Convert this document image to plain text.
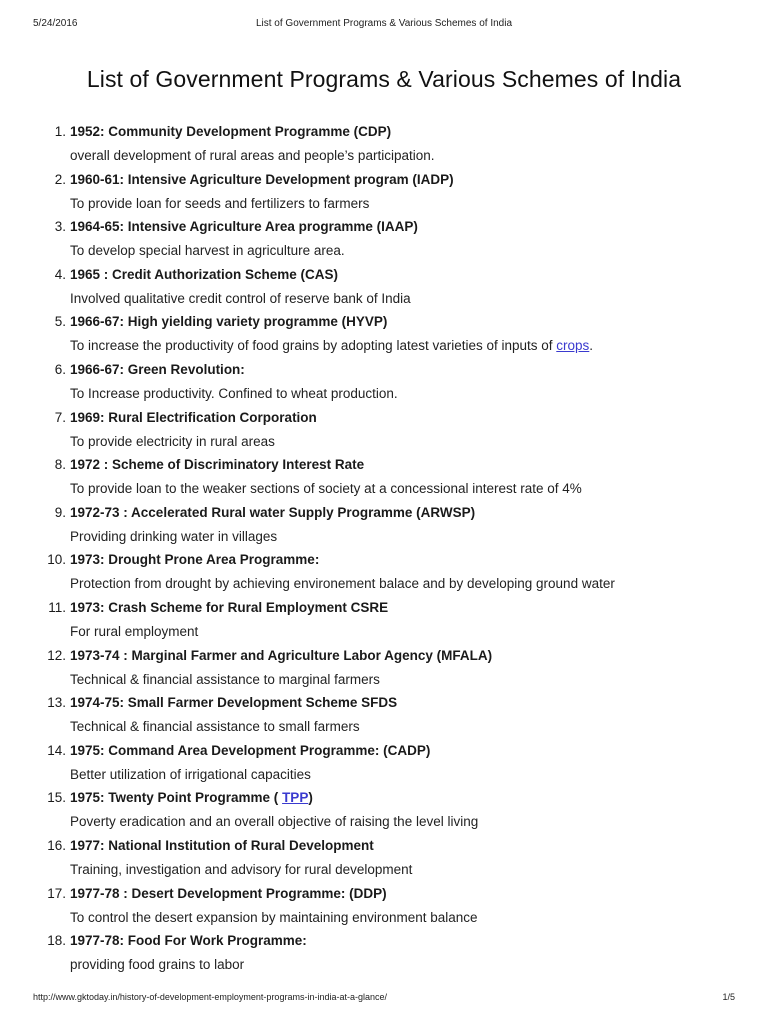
5/24/2016	List of Government Programs & Various Schemes of India
List of Government Programs & Various Schemes of India
1. 1952: Community Development Programme (CDP)
overall development of rural areas and people’s participation.
2. 1960-61: Intensive Agriculture Development program (IADP)
To provide loan for seeds and fertilizers to farmers
3. 1964-65: Intensive Agriculture Area programme (IAAP)
To develop special harvest in agriculture area.
4. 1965 : Credit Authorization Scheme (CAS)
Involved qualitative credit control of reserve bank of India
5. 1966-67: High yielding variety programme (HYVP)
To increase the productivity of food grains by adopting latest varieties of inputs of crops.
6. 1966-67: Green Revolution:
To Increase productivity. Confined to wheat production.
7. 1969: Rural Electrification Corporation
To provide electricity in rural areas
8. 1972 : Scheme of Discriminatory Interest Rate
To provide loan to the weaker sections of society at a concessional interest rate of 4%
9. 1972-73 : Accelerated Rural water Supply Programme (ARWSP)
Providing drinking water in villages
10. 1973: Drought Prone Area Programme:
Protection from drought by achieving environement balace and by developing ground water
11. 1973: Crash Scheme for Rural Employment CSRE
For rural employment
12. 1973-74 : Marginal Farmer and Agriculture Labor Agency (MFALA)
Technical & financial assistance to marginal farmers
13. 1974-75: Small Farmer Development Scheme SFDS
Technical & financial assistance to small farmers
14. 1975: Command Area Development Programme: (CADP)
Better utilization of irrigational capacities
15. 1975: Twenty Point Programme ( TPP)
Poverty eradication and an overall objective of raising the level living
16. 1977: National Institution of Rural Development
Training, investigation and advisory for rural development
17. 1977-78 : Desert Development Programme: (DDP)
To control the desert expansion by maintaining environment balance
18. 1977-78: Food For Work Programme:
providing food grains to labor
http://www.gktoday.in/history-of-development-employment-programs-in-india-at-a-glance/	1/5
